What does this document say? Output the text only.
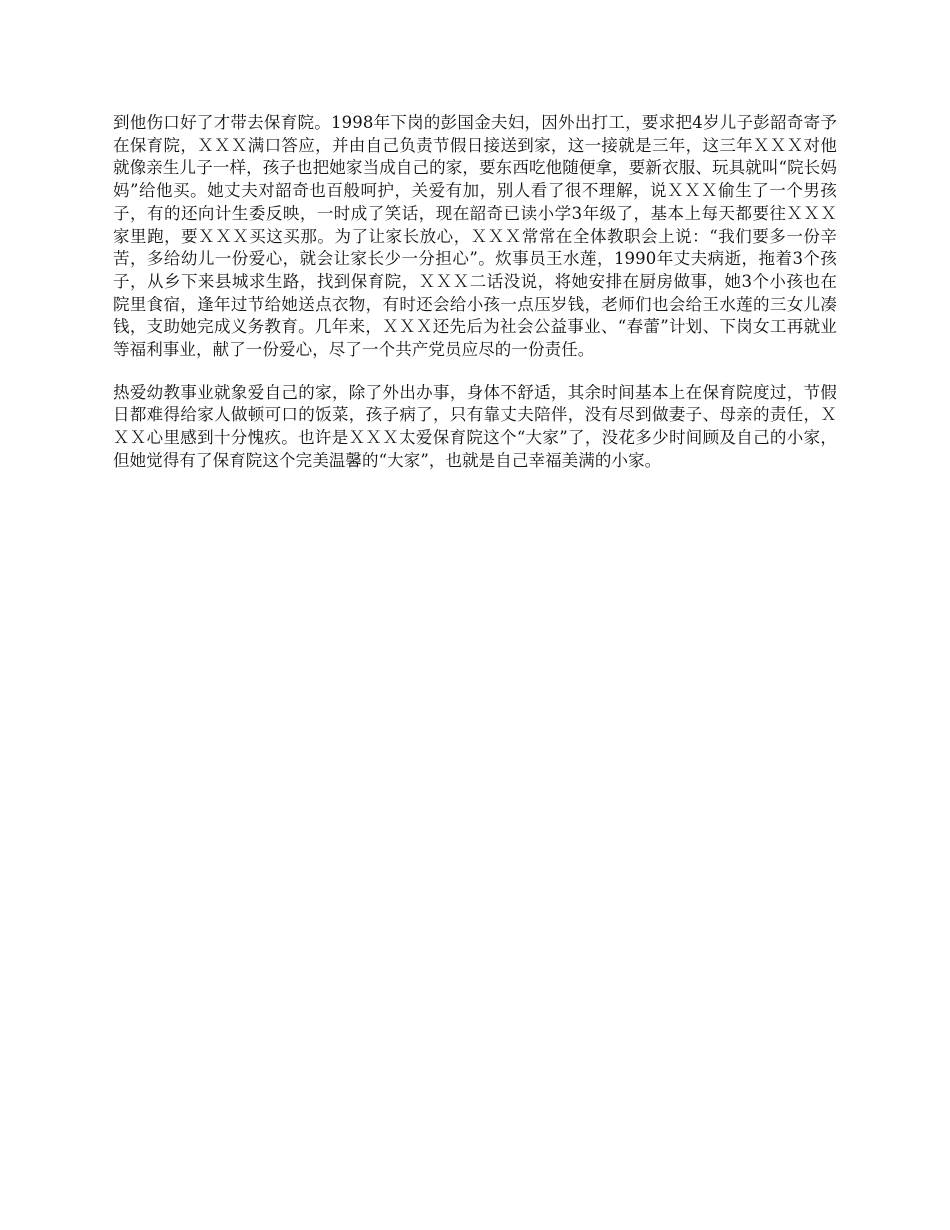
到他伤口好了才带去保育院。1998年下岗的彭国金夫妇，因外出打工，要求把4岁儿子彭韶奇寄予在保育院，ＸＸＸ满口答应，并由自己负责节假日接送到家，这一接就是三年，这三年ＸＸＸ对他就像亲生儿子一样，孩子也把她家当成自己的家，要东西吃他随便拿，要新衣服、玩具就叫“院长妈妈”给他买。她丈夫对韶奇也百般呵护，关爱有加，别人看了很不理解，说ＸＸＸ偷生了一个男孩子，有的还向计生委反映，一时成了笑话，现在韶奇已读小学3年级了，基本上每天都要往ＸＸＸ家里跑，要ＸＸＸ买这买那。为了让家长放心，ＸＸＸ常常在全体教职会上说：“我们要多一份辛苦，多给幼儿一份爱心，就会让家长少一分担心”。炊事员王水莲，1990年丈夫病逝，拖着3个孩子，从乡下来县城求生路，找到保育院，ＸＸＸ二话没说，将她安排在厨房做事，她3个小孩也在院里食宿，逢年过节给她送点衣物，有时还会给小孩一点压岁钱，老师们也会给王水莲的三女儿凑钱，支助她完成义务教育。几年来，ＸＸＸ还先后为社会公益事业、“春蕾”计划、下岗女工再就业等福利事业，献了一份爱心，尽了一个共产党员应尽的一份责任。

热爱幼教事业就象爱自己的家，除了外出办事，身体不舒适，其余时间基本上在保育院度过，节假日都难得给家人做顿可口的饭菜，孩子病了，只有靠丈夫陪伴，没有尽到做妻子、母亲的责任，ＸＸＸ心里感到十分愧疚。也许是ＸＸＸ太爱保育院这个“大家”了，没花多少时间顾及自己的小家，但她觉得有了保育院这个完美温馨的“大家”，也就是自己幸福美满的小家。
